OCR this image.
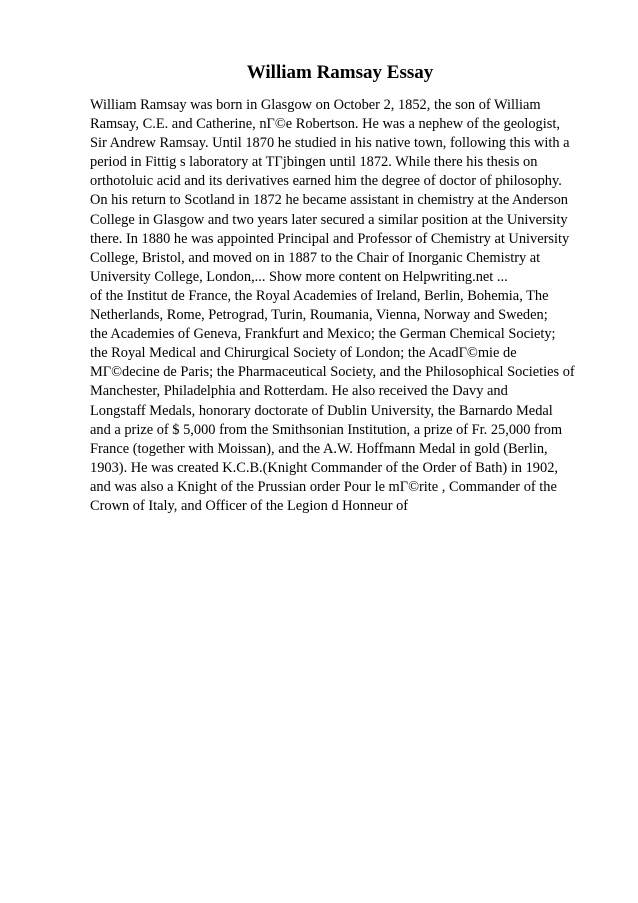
William Ramsay Essay
William Ramsay was born in Glasgow on October 2, 1852, the son of William
Ramsay, C.E. and Catherine, nГ©e Robertson. He was a nephew of the geologist,
Sir Andrew Ramsay. Until 1870 he studied in his native town, following this with a
period in Fittig s laboratory at TГјbingen until 1872. While there his thesis on
orthotoluic acid and its derivatives earned him the degree of doctor of philosophy.
On his return to Scotland in 1872 he became assistant in chemistry at the Anderson
College in Glasgow and two years later secured a similar position at the University
there. In 1880 he was appointed Principal and Professor of Chemistry at University
College, Bristol, and moved on in 1887 to the Chair of Inorganic Chemistry at
University College, London,... Show more content on Helpwriting.net ...
of the Institut de France, the Royal Academies of Ireland, Berlin, Bohemia, The
Netherlands, Rome, Petrograd, Turin, Roumania, Vienna, Norway and Sweden;
the Academies of Geneva, Frankfurt and Mexico; the German Chemical Society;
the Royal Medical and Chirurgical Society of London; the AcadГ©mie de
MГ©decine de Paris; the Pharmaceutical Society, and the Philosophical Societies of
Manchester, Philadelphia and Rotterdam. He also received the Davy and
Longstaff Medals, honorary doctorate of Dublin University, the Barnardo Medal
and a prize of $ 5,000 from the Smithsonian Institution, a prize of Fr. 25,000 from
France (together with Moissan), and the A.W. Hoffmann Medal in gold (Berlin,
1903). He was created K.C.B.(Knight Commander of the Order of Bath) in 1902,
and was also a Knight of the Prussian order Pour le mГ©rite , Commander of the
Crown of Italy, and Officer of the Legion d Honneur of
